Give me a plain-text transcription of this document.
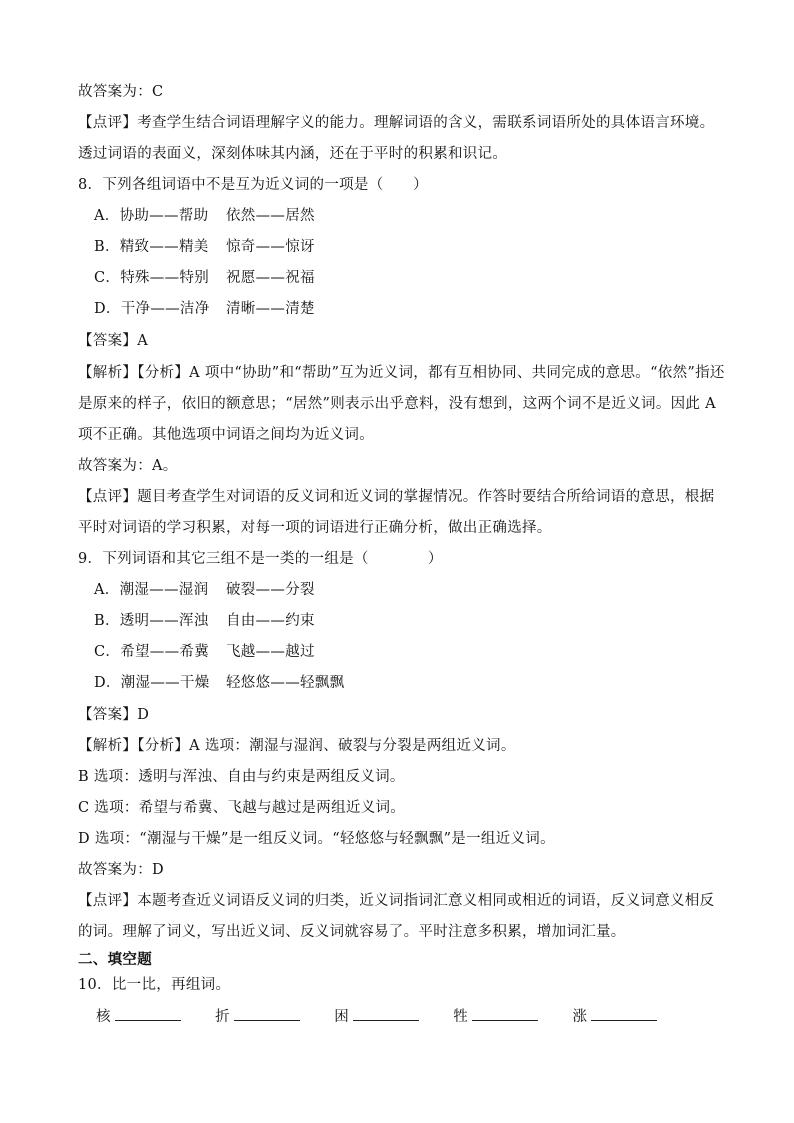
故答案为：C
【点评】考查学生结合词语理解字义的能力。理解词语的含义，需联系词语所处的具体语言环境。
透过词语的表面义，深刻体味其内涵，还在于平时的积累和识记。
8．下列各组词语中不是互为近义词的一项是（　　）
A．协助——帮助 依然——居然
B．精致——精美 惊奇——惊讶
C．特殊——特别 祝愿——祝福
D．干净——洁净 清晰——清楚
【答案】A
【解析】【分析】A 项中“协助”和“帮助”互为近义词，都有互相协同、共同完成的意思。“依然”指还
是原来的样子，依旧的额意思；“居然”则表示出乎意料，没有想到，这两个词不是近义词。因此 A
项不正确。其他选项中词语之间均为近义词。
故答案为：A。
【点评】题目考查学生对词语的反义词和近义词的掌握情况。作答时要结合所给词语的意思，根据
平时对词语的学习积累，对每一项的词语进行正确分析，做出正确选择。
9．下列词语和其它三组不是一类的一组是（　　　　）
A．潮湿——湿润 破裂——分裂
B．透明——浑浊 自由——约束
C．希望——希冀 飞越——越过
D．潮湿——干燥 轻悠悠——轻飘飘
【答案】D
【解析】【分析】A 选项：潮湿与湿润、破裂与分裂是两组近义词。
B 选项：透明与浑浊、自由与约束是两组反义词。
C 选项：希望与希冀、飞越与越过是两组近义词。
D 选项：“潮湿与干燥”是一组反义词。“轻悠悠与轻飘飘”是一组近义词。
故答案为：D
【点评】本题考查近义词语反义词的归类，近义词指词汇意义相同或相近的词语，反义词意义相反
的词。理解了词义，写出近义词、反义词就容易了。平时注意多积累，增加词汇量。
二、填空题
10．比一比，再组词。
核	折	困	牲	涨
